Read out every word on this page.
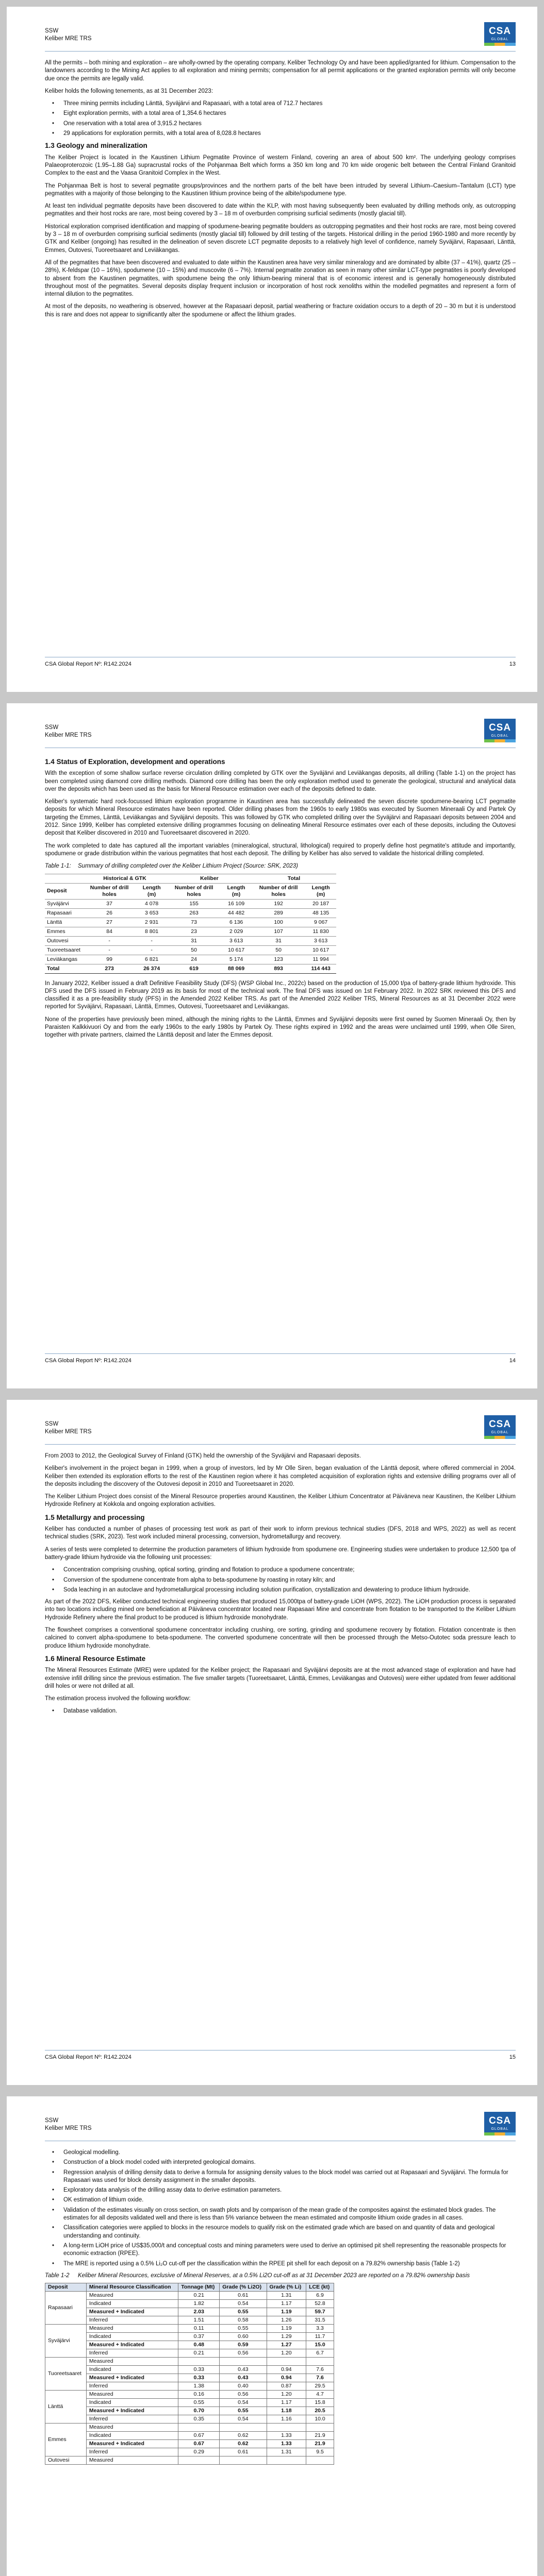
SSW
Keliber MRE TRS
CSA
GLOBAL

All the permits – both mining and exploration – are wholly-owned by the operating company, Keliber Technology Oy and have been applied/granted for lithium. Compensation to the landowners according to the Mining Act applies to all exploration and mining permits; compensation for all permit applications or the granted exploration permits will only become due once the permits are legally valid.

Keliber holds the following tenements, as at 31 December 2023:

• Three mining permits including Länttä, Syväjärvi and Rapasaari, with a total area of 712.7 hectares
• Eight exploration permits, with a total area of 1,354.6 hectares
• One reservation with a total area of 3,915.2 hectares
• 29 applications for exploration permits, with a total area of 8,028.8 hectares
1.3 Geology and mineralization

The Keliber Project is located in the Kaustinen Lithium Pegmatite Province of western Finland, covering an area of about 500 km². The underlying geology comprises Palaeoproterozoic (1.95–1.88 Ga) supracrustal rocks of the Pohjanmaa Belt which forms a 350 km long and 70 km wide orogenic belt between the Central Finland Granitoid Complex to the east and the Vaasa Granitoid Complex in the West.

The Pohjanmaa Belt is host to several pegmatite groups/provinces and the northern parts of the belt have been intruded by several Lithium–Caesium–Tantalum (LCT) type pegmatites with a majority of those belonging to the Kaustinen lithium province being of the albite/spodumene type.

At least ten individual pegmatite deposits have been discovered to date within the KLP, with most having subsequently been evaluated by drilling methods only, as outcropping pegmatites and their host rocks are rare, most being covered by 3 – 18 m of overburden comprising surficial sediments (mostly glacial till).

Historical exploration comprised identification and mapping of spodumene-bearing pegmatite boulders as outcropping pegmatites and their host rocks are rare, most being covered by 3 – 18 m of overburden comprising surficial sediments (mostly glacial till) followed by drill testing of the targets. Historical drilling in the period 1960-1980 and more recently by GTK and Keliber (ongoing) has resulted in the delineation of seven discrete LCT pegmatite deposits to a relatively high level of confidence, namely Syväjärvi, Rapasaari, Länttä, Emmes, Outovesi, Tuoreetsaaret and Leviäkangas.

All of the pegmatites that have been discovered and evaluated to date within the Kaustinen area have very similar mineralogy and are dominated by albite (37 – 41%), quartz (25 – 28%), K-feldspar (10 – 16%), spodumene (10 – 15%) and muscovite (6 – 7%). Internal pegmatite zonation as seen in many other similar LCT-type pegmatites is poorly developed to absent from the Kaustinen pegmatites, with spodumene being the only lithium-bearing mineral that is of economic interest and is generally homogeneously distributed throughout most of the pegmatites. Several deposits display frequent inclusion or incorporation of host rock xenoliths within the modelled pegmatites and represent a form of internal dilution to the pegmatites.

At most of the deposits, no weathering is observed, however at the Rapasaari deposit, partial weathering or fracture oxidation occurs to a depth of 20 – 30 m but it is understood this is rare and does not appear to significantly alter the spodumene or affect the lithium grades.

CSA Global Report Nº: R142.2024	13
SSW
Keliber MRE TRS
CSA
GLOBAL
1.4 Status of Exploration, development and operations

With the exception of some shallow surface reverse circulation drilling completed by GTK over the Syväjärvi and Leviäkangas deposits, all drilling (Table 1-1) on the project has been completed using diamond core drilling methods. Diamond core drilling has been the only exploration method used to generate the geological, structural and analytical data over the deposits which has been used as the basis for Mineral Resource estimation over each of the deposits defined to date.

Keliber's systematic hard rock-focussed lithium exploration programme in Kaustinen area has successfully delineated the seven discrete spodumene-bearing LCT pegmatite deposits for which Mineral Resource estimates have been reported. Older drilling phases from the 1960s to early 1980s was executed by Suomen Mineraali Oy and Partek Oy targeting the Emmes, Länttä, Leviäkangas and Syväjärvi deposits. This was followed by GTK who completed drilling over the Syväjärvi and Rapasaari deposits between 2004 and 2012. Since 1999, Keliber has completed extensive drilling programmes focusing on delineating Mineral Resource estimates over each of these deposits, including the Outovesi deposit that Keliber discovered in 2010 and Tuoreetsaaret discovered in 2020.

The work completed to date has captured all the important variables (mineralogical, structural, lithological) required to properly define host pegmatite's attitude and importantly, spodumene or grade distribution within the various pegmatites that host each deposit. The drilling by Keliber has also served to validate the historical drilling completed.

Table 1-1: Summary of drilling completed over the Keliber Lithium Project (Source: SRK, 2023)
	Historical & GTK		Keliber		Total	
Deposit	Number of drill holes	Length (m)	Number of drill holes	Length (m)	Number of drill holes	Length (m)
Syväjärvi	37	4 078	155	16 109	192	20 187
Rapasaari	26	3 653	263	44 482	289	48 135
Länttä	27	2 931	73	6 136	100	9 067
Emmes	84	8 801	23	2 029	107	11 830
Outovesi	-	-	31	3 613	31	3 613
Tuoreetsaaret	-	-	50	10 617	50	10 617
Leviäkangas	99	6 821	24	5 174	123	11 994
Total	273	26 374	619	88 069	893	114 443

In January 2022, Keliber issued a draft Definitive Feasibility Study (DFS) (WSP Global Inc., 2022c) based on the production of 15,000 t/pa of battery-grade lithium hydroxide. This DFS used the DFS issued in February 2019 as its basis for most of the technical work. The final DFS was issued on 1st February 2022. In 2022 SRK reviewed this DFS and classified it as a pre-feasibility study (PFS) in the Amended 2022 Keliber TRS. As part of the Amended 2022 Keliber TRS, Mineral Resources as at 31 December 2022 were reported for Syväjärvi, Rapasaari, Länttä, Emmes, Outovesi, Tuoreetsaaret and Leviäkangas.

None of the properties have previously been mined, although the mining rights to the Länttä, Emmes and Syväjärvi deposits were first owned by Suomen Mineraali Oy, then by Paraisten Kalkkivuori Oy and from the early 1960s to the early 1980s by Partek Oy. These rights expired in 1992 and the areas were unclaimed until 1999, when Olle Siren, together with private partners, claimed the Länttä deposit and later the Emmes deposit.

CSA Global Report Nº: R142.2024	14
SSW
Keliber MRE TRS
CSA
GLOBAL

From 2003 to 2012, the Geological Survey of Finland (GTK) held the ownership of the Syväjärvi and Rapasaari deposits.

Keliber's involvement in the project began in 1999, when a group of investors, led by Mr Olle Siren, began evaluation of the Länttä deposit, where offered commercial in 2004. Keliber then extended its exploration efforts to the rest of the Kaustinen region where it has completed acquisition of exploration rights and extensive drilling programs over all of the deposits including the discovery of the Outovesi deposit in 2010 and Tuoreetsaaret in 2020.

The Keliber Lithium Project does consist of the Mineral Resource properties around Kaustinen, the Keliber Lithium Concentrator at Päiväneva near Kaustinen, the Keliber Lithium Hydroxide Refinery at Kokkola and ongoing exploration activities.

1.5 Metallurgy and processing

Keliber has conducted a number of phases of processing test work as part of their work to inform previous technical studies (DFS, 2018 and WPS, 2022) as well as recent technical studies (SRK, 2023). Test work included mineral processing, conversion, hydrometallurgy and recovery.

A series of tests were completed to determine the production parameters of lithium hydroxide from spodumene ore. Engineering studies were undertaken to produce 12,500 tpa of battery-grade lithium hydroxide via the following unit processes:

• Concentration comprising crushing, optical sorting, grinding and flotation to produce a spodumene concentrate;
• Conversion of the spodumene concentrate from alpha to beta-spodumene by roasting in rotary kiln; and
• Soda leaching in an autoclave and hydrometallurgical processing including solution purification, crystallization and dewatering to produce lithium hydroxide.

As part of the 2022 DFS, Keliber conducted technical engineering studies that produced 15,000tpa of battery-grade LiOH (WPS, 2022). The LiOH production process is separated into two locations including mined ore beneficiation at Päiväneva concentrator located near Rapasaari Mine and concentrate from flotation to be transported to the Keliber Lithium Hydroxide Refinery where the final product to be produced is lithium hydroxide monohydrate.

The flowsheet comprises a conventional spodumene concentrator including crushing, ore sorting, grinding and spodumene recovery by flotation. Flotation concentrate is then calcined to convert alpha-spodumene to beta-spodumene. The converted spodumene concentrate will then be processed through the Metso-Outotec soda pressure leach to produce lithium hydroxide monohydrate.

1.6 Mineral Resource Estimate

The Mineral Resources Estimate (MRE) were updated for the Keliber project; the Rapasaari and Syväjärvi deposits are at the most advanced stage of exploration and have had extensive infill drilling since the previous estimation. The five smaller targets (Tuoreetsaaret, Länttä, Emmes, Leviäkangas and Outovesi) were either updated from fewer additional drill holes or were not drilled at all.

The estimation process involved the following workflow:

• Database validation.
CSA Global Report Nº: R142.2024	15
SSW
Keliber MRE TRS
CSA
GLOBAL
• Geological modelling.
• Construction of a block model coded with interpreted geological domains.
• Regression analysis of drilling density data to derive a formula for assigning density values to the block model was carried out at Rapasaari and Syväjärvi. The formula for Rapasaari was used for block density assignment in the smaller deposits.
• Exploratory data analysis of the drilling assay data to derive estimation parameters.
• OK estimation of lithium oxide.
• Validation of the estimates visually on cross section, on swath plots and by comparison of the mean grade of the composites against the estimated block grades. The estimates for all deposits validated well and there is less than 5% variance between the mean estimated and composite lithium oxide grades in all cases.
• Classification categories were applied to blocks in the resource models to qualify risk on the estimated grade which are based on and quantity of data and geological understanding and continuity.
• A long-term LiOH price of US$35,000/t and conceptual costs and mining parameters were used to derive an optimised pit shell representing the reasonable prospects for economic extraction (RPEE).
• The MRE is reported using a 0.5% Li₂O cut-off per the classification within the RPEE pit shell for each deposit on a 79.82% ownership basis (Table 1-2)
Table 1-2 Keliber Mineral Resources, exclusive of Mineral Reserves, at a 0.5% Li2O cut-off as at 31 December 2023 are reported on a 79.82% ownership basis
Deposit	Mineral Resource Classification	Tonnage (Mt)	Grade (% Li2O)	Grade (% Li)	LCE (kt)
Rapasaari	Measured	0.21	0.61	1.31	6.9
	Indicated	1.82	0.54	1.17	52.8
	Measured + Indicated	2.03	0.55	1.19	59.7
	Inferred	1.51	0.58	1.26	31.5
Syväjärvi	Measured	0.11	0.55	1.19	3.3
	Indicated	0.37	0.60	1.29	11.7
	Measured + Indicated	0.48	0.59	1.27	15.0
	Inferred	0.21	0.56	1.20	6.7
Tuoreetsaaret	Measured				
	Indicated	0.33	0.43	0.94	7.6
	Measured + Indicated	0.33	0.43	0.94	7.6
	Inferred	1.38	0.40	0.87	29.5
Länttä	Measured	0.16	0.56	1.20	4.7
	Indicated	0.55	0.54	1.17	15.8
	Measured + Indicated	0.70	0.55	1.18	20.5
	Inferred	0.35	0.54	1.16	10.0
Emmes	Measured				
	Indicated	0.67	0.62	1.33	21.9
	Measured + Indicated	0.67	0.62	1.33	21.9
	Inferred	0.29	0.61	1.31	9.5
Outovesi	Measured				
